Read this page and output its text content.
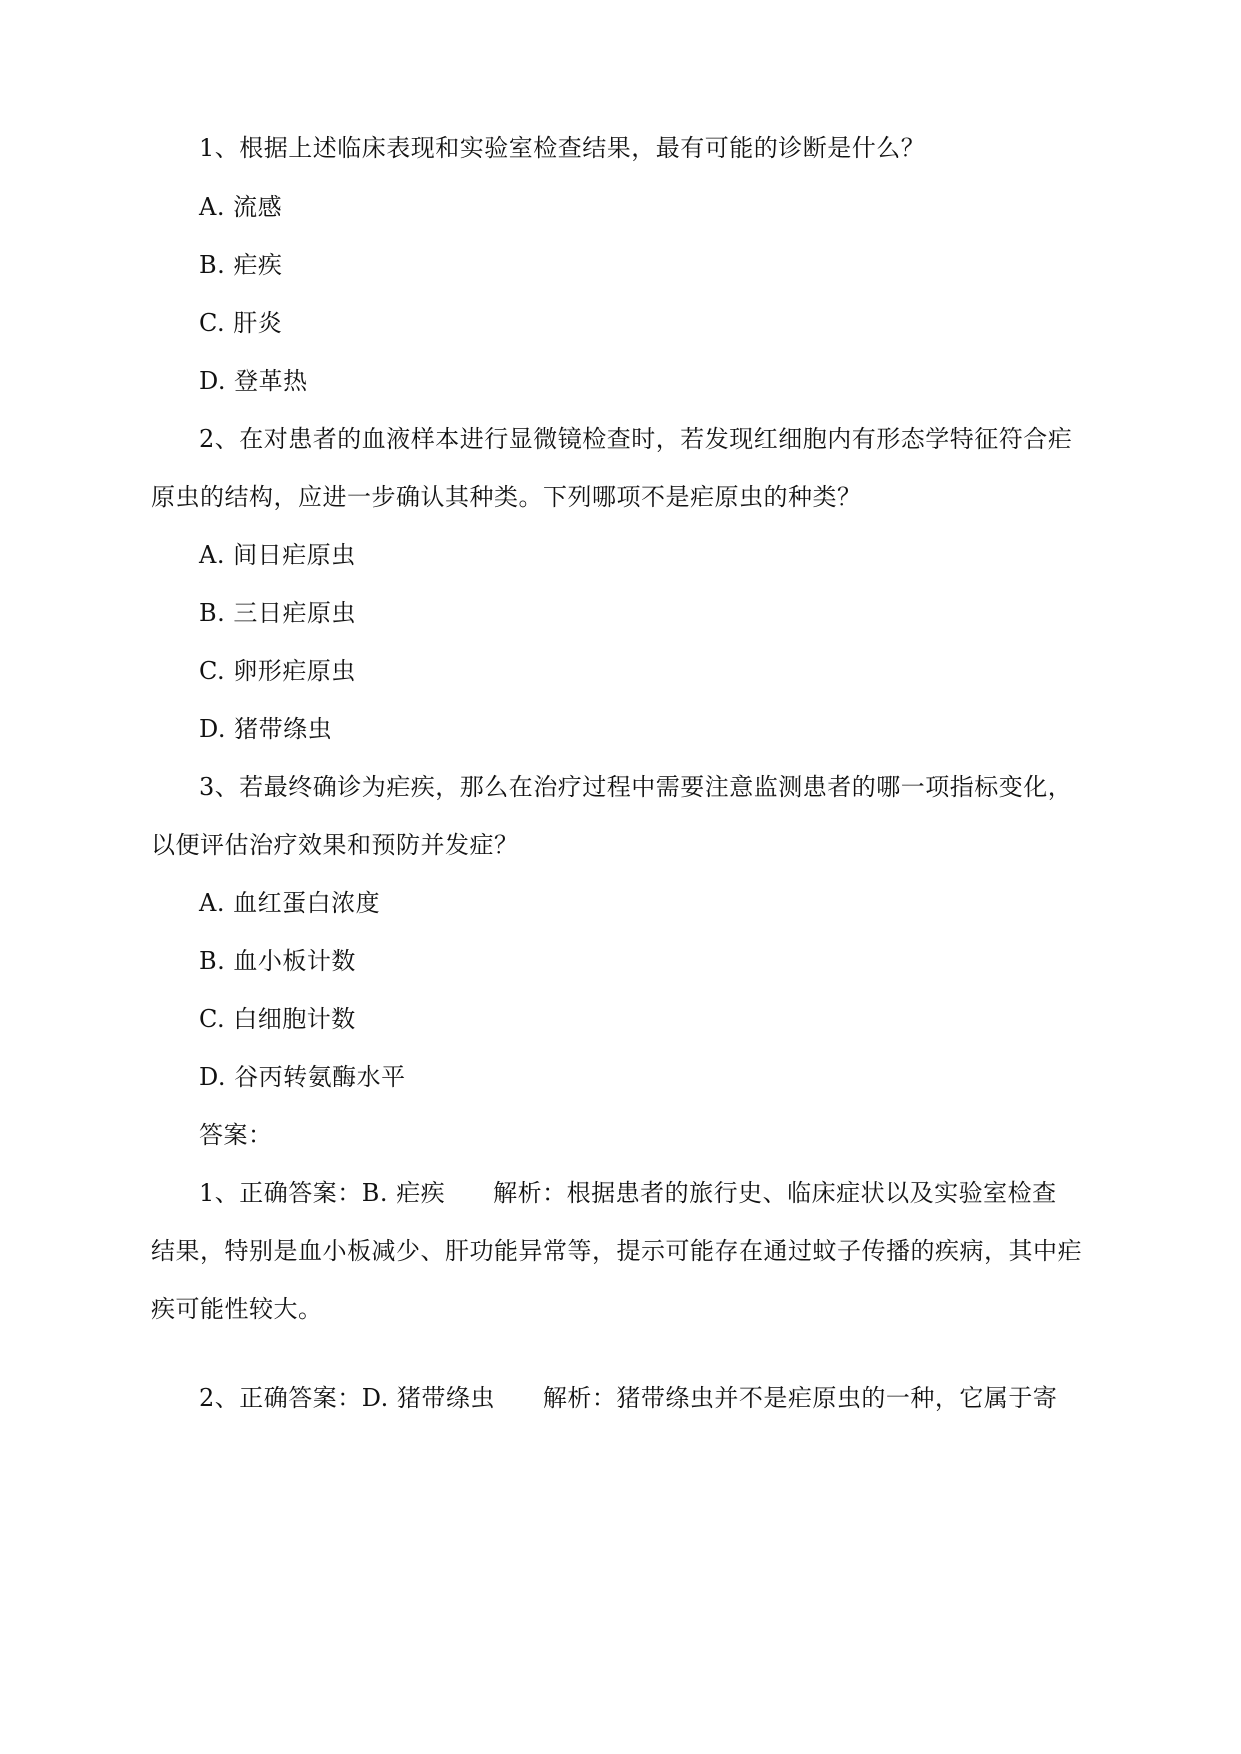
1、根据上述临床表现和实验室检查结果，最有可能的诊断是什么？
A. 流感
B. 疟疾
C. 肝炎
D. 登革热
2、在对患者的血液样本进行显微镜检查时，若发现红细胞内有形态学特征符合疟
原虫的结构，应进一步确认其种类。下列哪项不是疟原虫的种类？
A. 间日疟原虫
B. 三日疟原虫
C. 卵形疟原虫
D. 猪带绦虫
3、若最终确诊为疟疾，那么在治疗过程中需要注意监测患者的哪一项指标变化，
以便评估治疗效果和预防并发症？
A. 血红蛋白浓度
B. 血小板计数
C. 白细胞计数
D. 谷丙转氨酶水平
答案：
1、正确答案：B. 疟疾 解析：根据患者的旅行史、临床症状以及实验室检查
结果，特别是血小板减少、肝功能异常等，提示可能存在通过蚊子传播的疾病，其中疟
疾可能性较大。
2、正确答案：D. 猪带绦虫 解析：猪带绦虫并不是疟原虫的一种，它属于寄
